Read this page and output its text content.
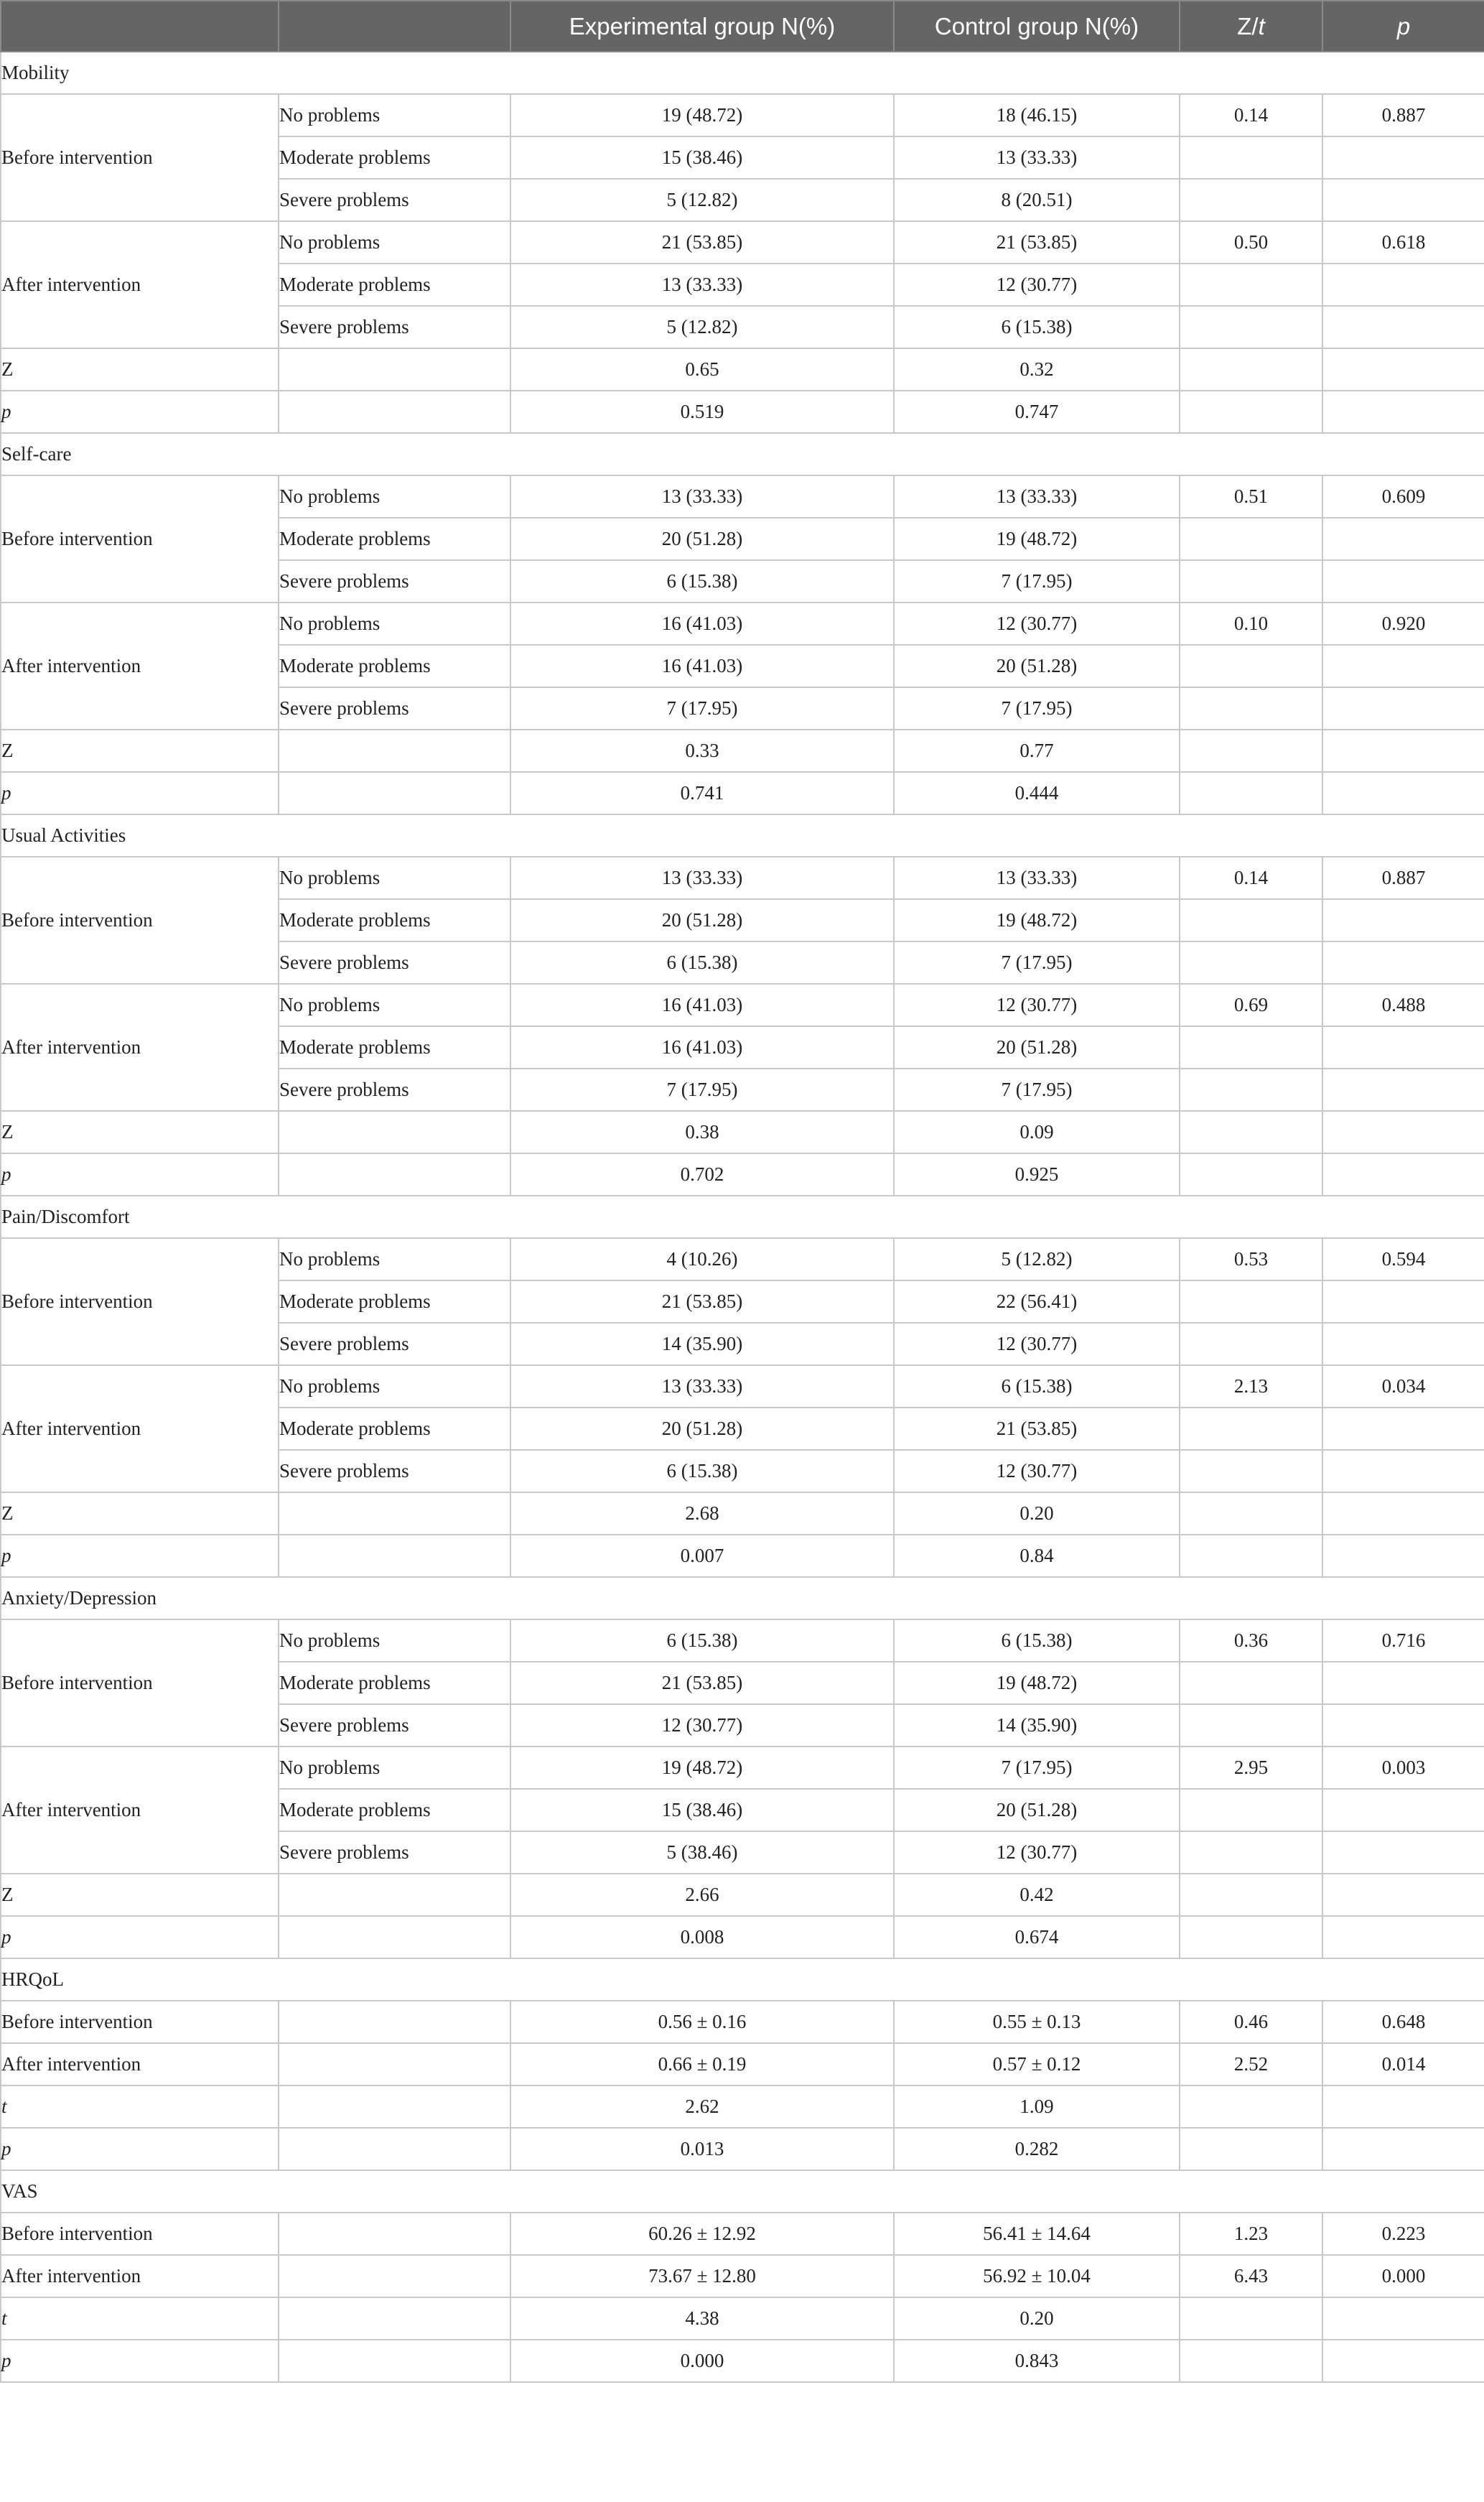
		Experimental group N(%)	Control group N(%)	Z/t	p
Mobility					
Before intervention	No problems	19 (48.72)	18 (46.15)	0.14	0.887
	Moderate problems	15 (38.46)	13 (33.33)		
	Severe problems	5 (12.82)	8 (20.51)		
After intervention	No problems	21 (53.85)	21 (53.85)	0.50	0.618
	Moderate problems	13 (33.33)	12 (30.77)		
	Severe problems	5 (12.82)	6 (15.38)		
Z		0.65	0.32		
p		0.519	0.747		
Self-care					
Before intervention	No problems	13 (33.33)	13 (33.33)	0.51	0.609
	Moderate problems	20 (51.28)	19 (48.72)		
	Severe problems	6 (15.38)	7 (17.95)		
After intervention	No problems	16 (41.03)	12 (30.77)	0.10	0.920
	Moderate problems	16 (41.03)	20 (51.28)		
	Severe problems	7 (17.95)	7 (17.95)		
Z		0.33	0.77		
p		0.741	0.444		
Usual Activities					
Before intervention	No problems	13 (33.33)	13 (33.33)	0.14	0.887
	Moderate problems	20 (51.28)	19 (48.72)		
	Severe problems	6 (15.38)	7 (17.95)		
After intervention	No problems	16 (41.03)	12 (30.77)	0.69	0.488
	Moderate problems	16 (41.03)	20 (51.28)		
	Severe problems	7 (17.95)	7 (17.95)		
Z		0.38	0.09		
p		0.702	0.925		
Pain/Discomfort					
Before intervention	No problems	4 (10.26)	5 (12.82)	0.53	0.594
	Moderate problems	21 (53.85)	22 (56.41)		
	Severe problems	14 (35.90)	12 (30.77)		
After intervention	No problems	13 (33.33)	6 (15.38)	2.13	0.034
	Moderate problems	20 (51.28)	21 (53.85)		
	Severe problems	6 (15.38)	12 (30.77)		
Z		2.68	0.20		
p		0.007	0.84		
Anxiety/Depression					
Before intervention	No problems	6 (15.38)	6 (15.38)	0.36	0.716
	Moderate problems	21 (53.85)	19 (48.72)		
	Severe problems	12 (30.77)	14 (35.90)		
After intervention	No problems	19 (48.72)	7 (17.95)	2.95	0.003
	Moderate problems	15 (38.46)	20 (51.28)		
	Severe problems	5 (38.46)	12 (30.77)		
Z		2.66	0.42		
p		0.008	0.674		
HRQoL					
Before intervention		0.56 ± 0.16	0.55 ± 0.13	0.46	0.648
After intervention		0.66 ± 0.19	0.57 ± 0.12	2.52	0.014
t		2.62	1.09		
p		0.013	0.282		
VAS					
Before intervention		60.26 ± 12.92	56.41 ± 14.64	1.23	0.223
After intervention		73.67 ± 12.80	56.92 ± 10.04	6.43	0.000
t		4.38	0.20		
p		0.000	0.843		
